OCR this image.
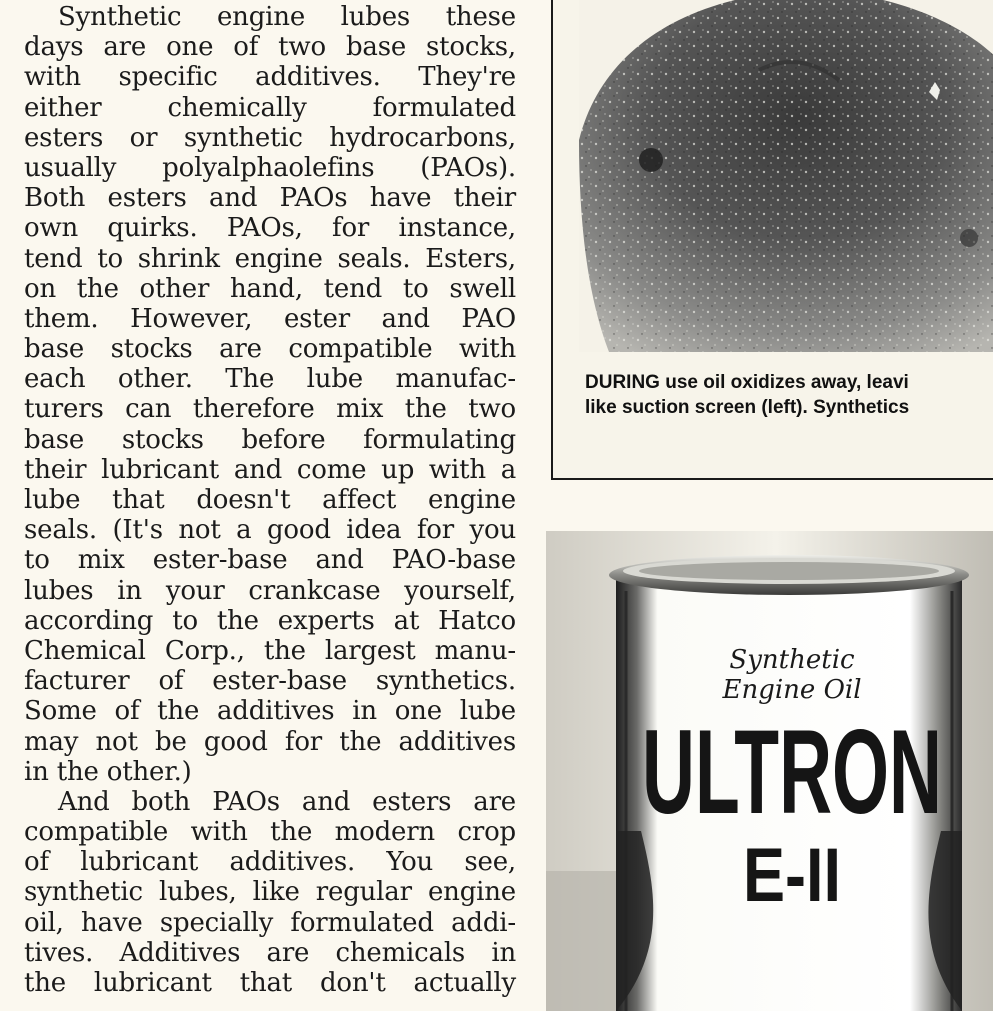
Synthetic engine lubes these
days are one of two base stocks,
with specific additives. They're
either chemically formulated
esters or synthetic hydrocarbons,
usually polyalphaolefins (PAOs).
Both esters and PAOs have their
own quirks. PAOs, for instance,
tend to shrink engine seals. Esters,
on the other hand, tend to swell
them. However, ester and PAO
base stocks are compatible with
each other. The lube manufac-
turers can therefore mix the two
base stocks before formulating
their lubricant and come up with a
lube that doesn't affect engine
seals. (It's not a good idea for you
to mix ester-base and PAO-base
lubes in your crankcase yourself,
according to the experts at Hatco
Chemical Corp., the largest manu-
facturer of ester-base synthetics.
Some of the additives in one lube
may not be good for the additives
in the other.)
And both PAOs and esters are
compatible with the modern crop
of lubricant additives. You see,
synthetic lubes, like regular engine
oil, have specially formulated addi-
tives. Additives are chemicals in
the lubricant that don't actually
DURING use oil oxidizes away, leavi
like suction screen (left). Synthetics
Synthetic
Engine Oil
ULTRON
E-II
